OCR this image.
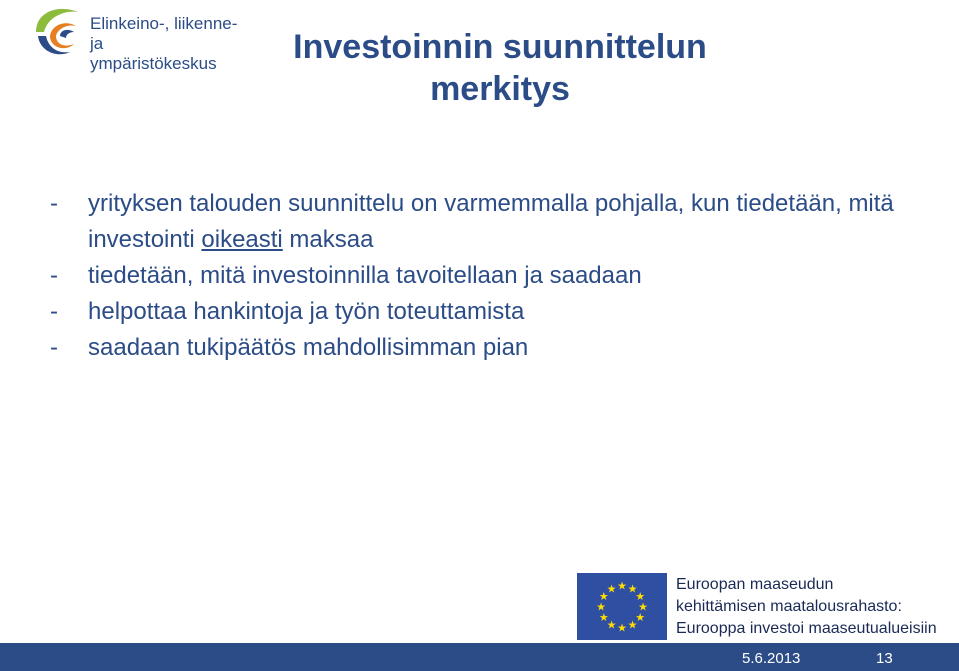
Elinkeino-, liikenne- ja
ympäristökeskus	Investoinnin suunnittelun
merkitys
-	yrityksen talouden suunnittelu on varmemmalla pohjalla, kun tiedetään, mitä investointi oikeasti maksaa
-	tiedetään, mitä investoinnilla tavoitellaan ja saadaan
-	helpottaa hankintoja ja työn toteuttamista
-	saadaan tukipäätös mahdollisimman pian
★ ★
★
★
★
★
★
★
★
★
★
★	Euroopan maaseudun
kehittämisen maatalousrahasto:
Eurooppa investoi maaseutualueisiin
5.6.2013	13
